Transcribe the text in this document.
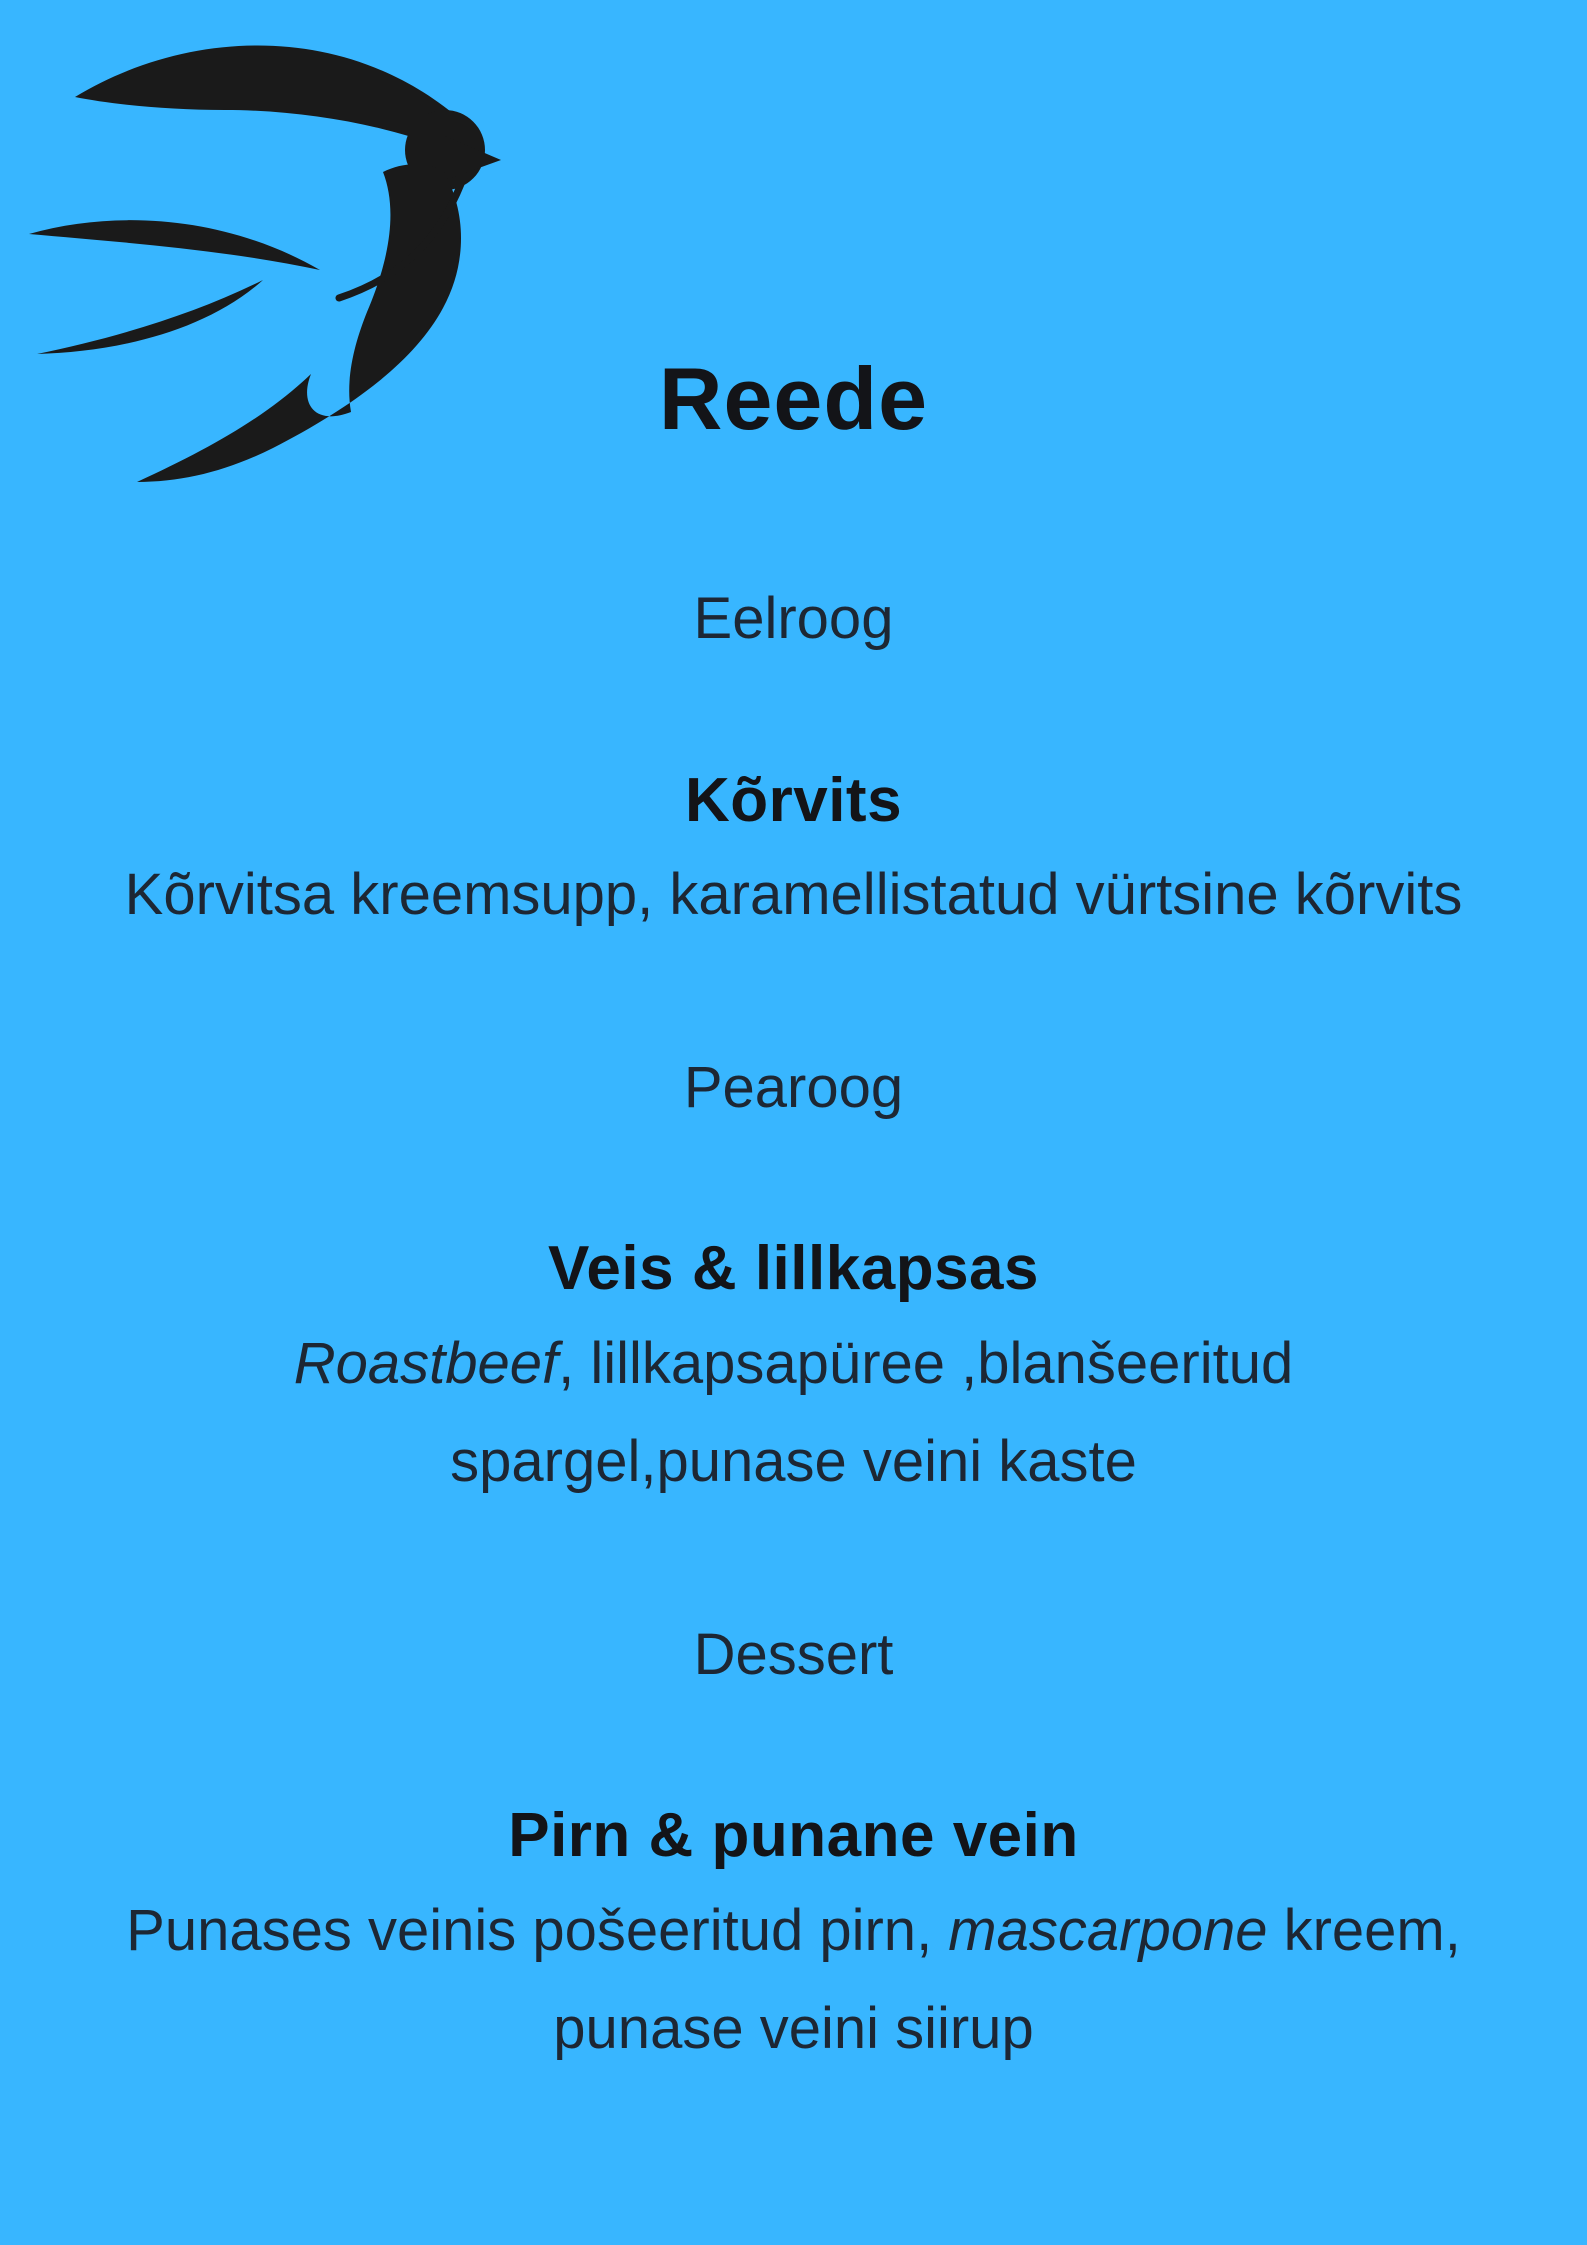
Reede
Eelroog
Kõrvits

Kõrvitsa kreemsupp, karamellistatud vürtsine kõrvits

Pearoog
Veis & lillkapsas

Roastbeef, lillkapsapüree ,blanšeeritud
spargel,punase veini kaste

Dessert
Pirn & punane vein

Punases veinis pošeeritud pirn, mascarpone kreem,
punase veini siirup
